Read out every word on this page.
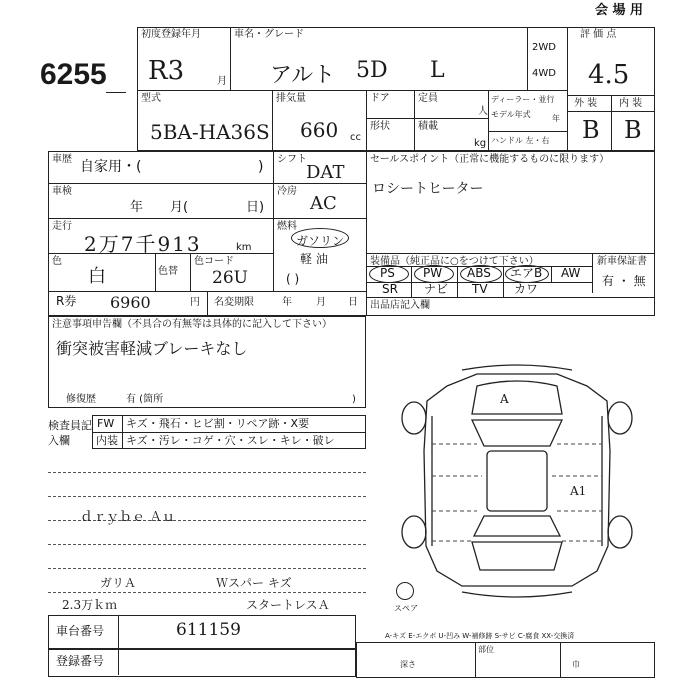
会 場 用
6255
初度登録年月
R3	月
車名・グレード
アルト 5D L
2WD
4WD
評 価 点
4.5
外 装 内 装
B B
型式
5BA-HA36S
排気量
660 cc
ドア	定員
人
形状	積載
kg
ディーラー・並行
モデル年式	年
ハンドル 左・右
車歴 自家用・(	) シフト
DAT
セールスポイント（正常に機能するものに限ります）
ロシートヒーター
車検
年 月(	日)
冷房
AC
走行
2万7千913	km
燃料
ガソリン
軽 油
( )
色
白	色替
色コード
26U
装備品（純正品に○をつけて下さい）	新車保証書
有 ・ 無
PS PW ABS エアB AW
SR ナビ TV カワ
R券 6960	円 名変期限	年 月 日 出品店記入欄
注意事項申告欄（不具合の有無等は具体的に記入して下さい）
衝突被害軽減ブレーキなし
修復歴	有 (箇所	)
検査員記入欄
FW キズ・飛石・ヒビ割・リペア跡・X要
内装 キズ・汚レ・コゲ・穴・スレ・キレ・破レ
ｄｒｙｂｅ Ａｕ
ガリＡ
2.3万ｋｍ
Ｗスパー キズ
スタートレスＡ
A
A1
スペア
車台番号	611159
登録番号
A-キズ E-エクボ U-凹み W-補修跡 S-サビ C-腐食 XX-交換済
部位
深さ	巾
